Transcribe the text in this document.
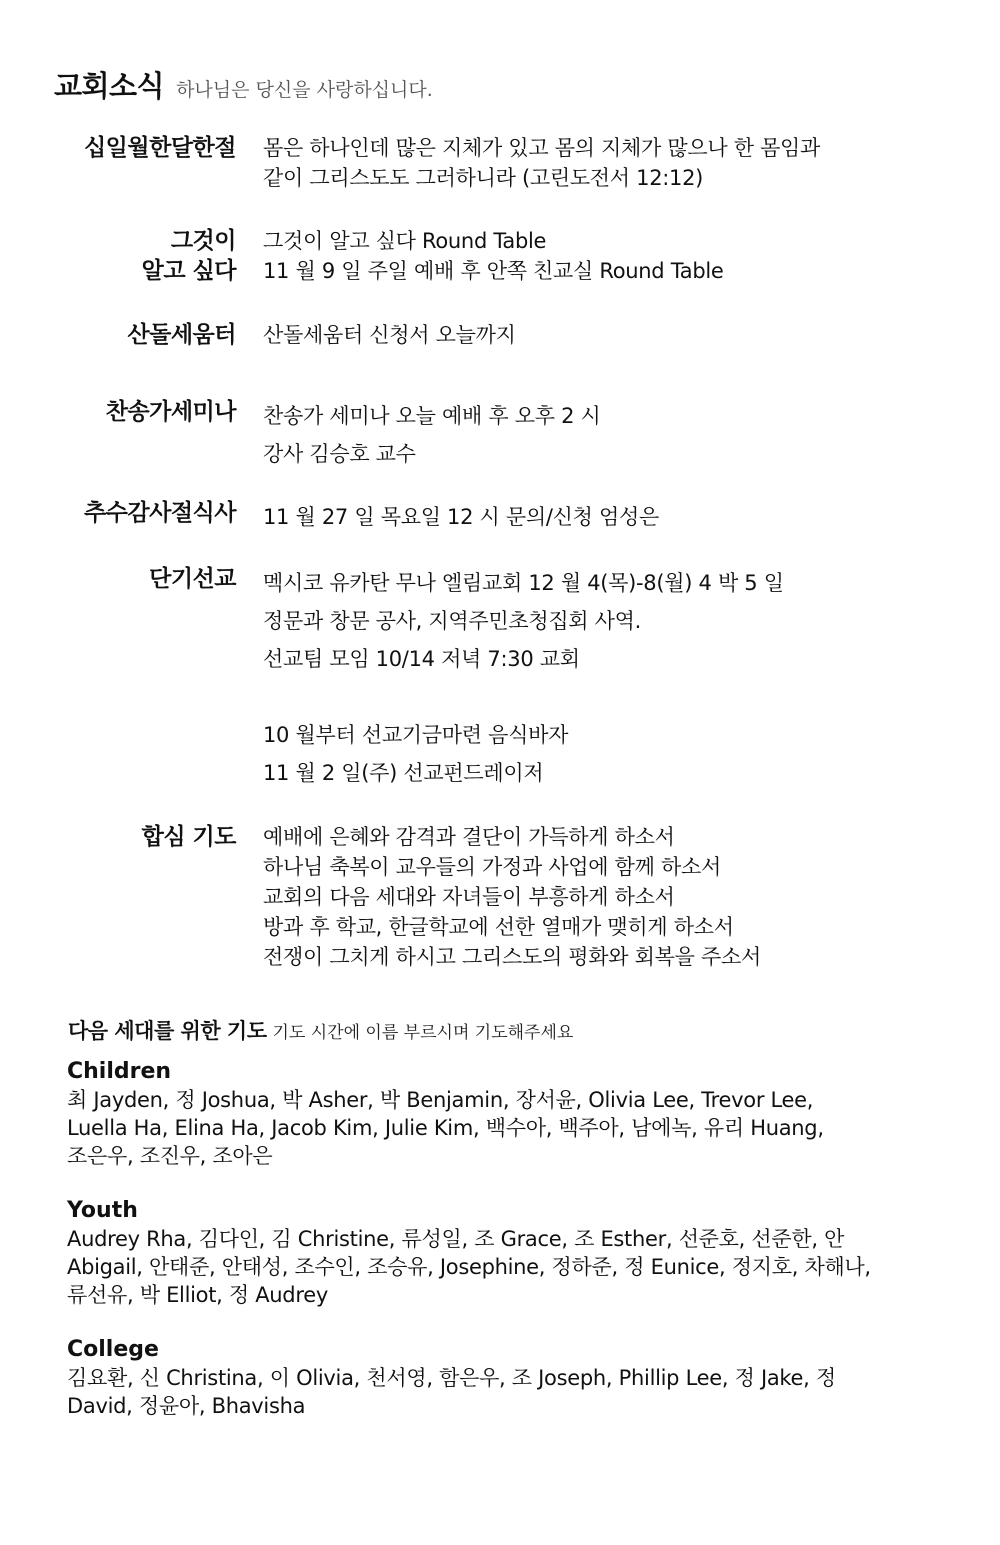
교회소식 하나님은 당신을 사랑하십니다.
십일월한달한절 몸은 하나인데 많은 지체가 있고 몸의 지체가 많으나 한 몸임과
같이 그리스도도 그러하니라 (고린도전서 12:12)
그것이
알고 싶다
그것이 알고 싶다 Round Table
11 월 9 일 주일 예배 후 안쪽 친교실 Round Table
산돌세움터 산돌세움터 신청서 오늘까지
찬송가세미나 찬송가 세미나 오늘 예배 후 오후 2 시
강사 김승호 교수
추수감사절식사 11 월 27 일 목요일 12 시 문의/신청 엄성은
단기선교 멕시코 유카탄 무나 엘림교회 12 월 4(목)-8(월) 4 박 5 일
정문과 창문 공사, 지역주민초청집회 사역.
선교팀 모임 10/14 저녁 7:30 교회

10 월부터 선교기금마련 음식바자
11 월 2 일(주) 선교펀드레이저
합심 기도 예배에 은혜와 감격과 결단이 가득하게 하소서
하나님 축복이 교우들의 가정과 사업에 함께 하소서
교회의 다음 세대와 자녀들이 부흥하게 하소서
방과 후 학교, 한글학교에 선한 열매가 맺히게 하소서
전쟁이 그치게 하시고 그리스도의 평화와 회복을 주소서
다음 세대를 위한 기도 기도 시간에 이름 부르시며 기도해주세요
Children
최 Jayden, 정 Joshua, 박 Asher, 박 Benjamin, 장서윤, Olivia Lee, Trevor Lee,
Luella Ha, Elina Ha, Jacob Kim, Julie Kim, 백수아, 백주아, 남에녹, 유리 Huang,
조은우, 조진우, 조아은
Youth
Audrey Rha, 김다인, 김 Christine, 류성일, 조 Grace, 조 Esther, 선준호, 선준한, 안
Abigail, 안태준, 안태성, 조수인, 조승유, Josephine, 정하준, 정 Eunice, 정지호, 차해나,
류선유, 박 Elliot, 정 Audrey
College
김요환, 신 Christina, 이 Olivia, 천서영, 함은우, 조 Joseph, Phillip Lee, 정 Jake, 정
David, 정윤아, Bhavisha
